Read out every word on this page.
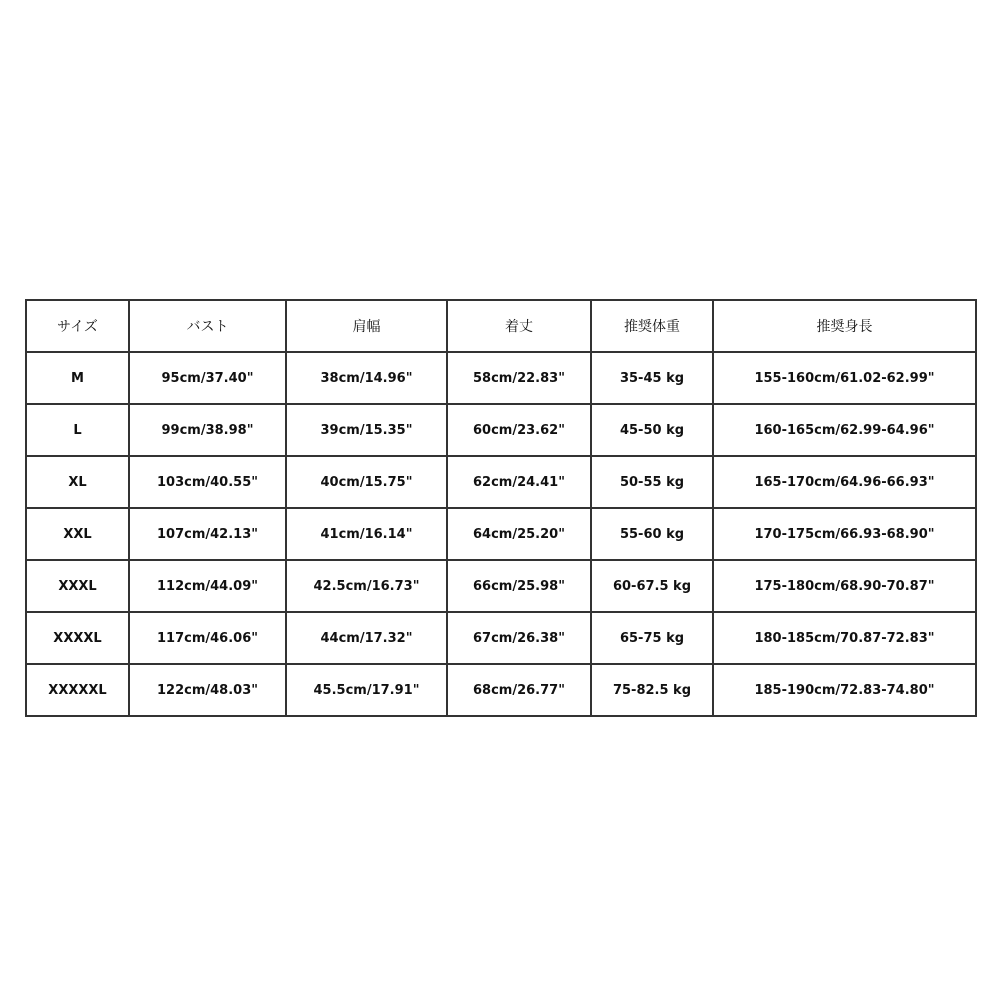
サイズ	バスト	肩幅	着丈	推奨体重	推奨身長
M	95cm/37.40"	38cm/14.96"	58cm/22.83"	35-45 kg	155-160cm/61.02-62.99"
L	99cm/38.98"	39cm/15.35"	60cm/23.62"	45-50 kg	160-165cm/62.99-64.96"
XL	103cm/40.55"	40cm/15.75"	62cm/24.41"	50-55 kg	165-170cm/64.96-66.93"
XXL	107cm/42.13"	41cm/16.14"	64cm/25.20"	55-60 kg	170-175cm/66.93-68.90"
XXXL	112cm/44.09"	42.5cm/16.73"	66cm/25.98"	60-67.5 kg	175-180cm/68.90-70.87"
XXXXL	117cm/46.06"	44cm/17.32"	67cm/26.38"	65-75 kg	180-185cm/70.87-72.83"
XXXXXL	122cm/48.03"	45.5cm/17.91"	68cm/26.77"	75-82.5 kg	185-190cm/72.83-74.80"
